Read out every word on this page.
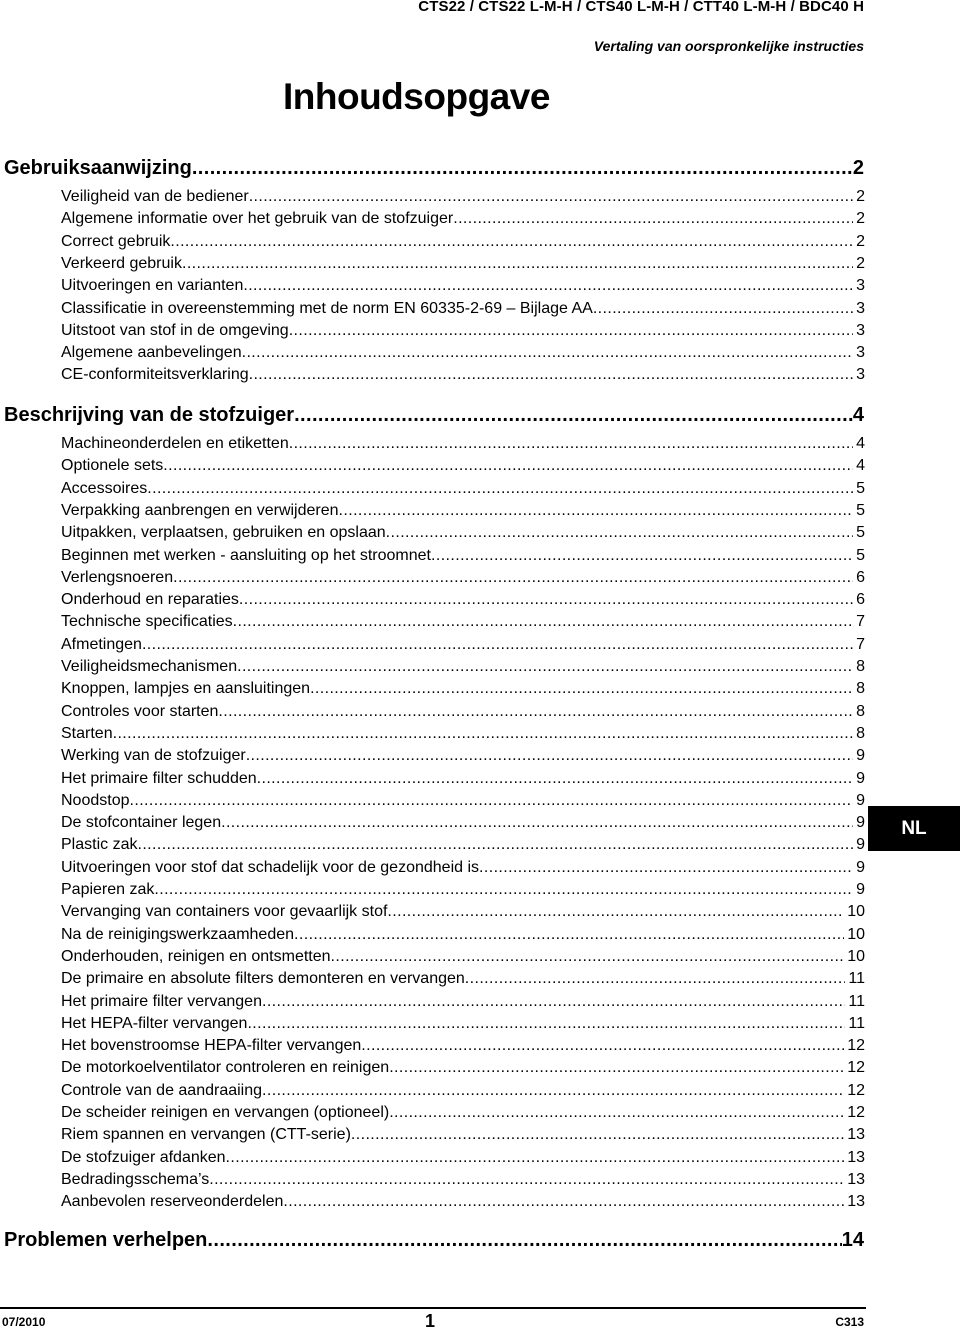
CTS22 / CTS22 L-M-H / CTS40 L-M-H / CTT40 L-M-H / BDC40 H
Vertaling van oorspronkelijke instructies
Inhoudsopgave
Gebruiksaanwijzing .....	2
Veiligheid van de bediener .....	2
Algemene informatie over het gebruik van de stofzuiger .....	2
Correct gebruik .....	2
Verkeerd gebruik .....	2
Uitvoeringen en varianten .....	3
Classificatie in overeenstemming met de norm EN 60335-2-69 – Bijlage AA .....	3
Uitstoot van stof in de omgeving .....	3
Algemene aanbevelingen .....	3
CE-conformiteitsverklaring .....	3
Beschrijving van de stofzuiger .....	4
Machineonderdelen en etiketten .....	4
Optionele sets .....	4
Accessoires .....	5
Verpakking aanbrengen en verwijderen .....	5
Uitpakken, verplaatsen, gebruiken en opslaan .....	5
Beginnen met werken - aansluiting op het stroomnet .....	5
Verlengsnoeren .....	6
Onderhoud en reparaties .....	6
Technische specificaties .....	7
Afmetingen .....	7
Veiligheidsmechanismen .....	8
Knoppen, lampjes en aansluitingen .....	8
Controles voor starten .....	8
Starten .....	8
Werking van de stofzuiger .....	9
Het primaire filter schudden .....	9
Noodstop .....	9
De stofcontainer legen .....	9
Plastic zak .....	9
Uitvoeringen voor stof dat schadelijk voor de gezondheid is .....	9
Papieren zak .....	9
Vervanging van containers voor gevaarlijk stof .....	10
Na de reinigingswerkzaamheden .....	10
Onderhouden, reinigen en ontsmetten .....	10
De primaire en absolute filters demonteren en vervangen .....	11
Het primaire filter vervangen .....	11
Het HEPA-filter vervangen .....	11
Het bovenstroomse HEPA-filter vervangen .....	12
De motorkoelventilator controleren en reinigen .....	12
Controle van de aandraaiing .....	12
De scheider reinigen en vervangen (optioneel) .....	12
Riem spannen en vervangen (CTT-serie) .....	13
De stofzuiger afdanken .....	13
Bedradingsschema’s .....	13
Aanbevolen reserveonderdelen .....	13
Problemen verhelpen .....	14
NL
07/2010	1	C313
